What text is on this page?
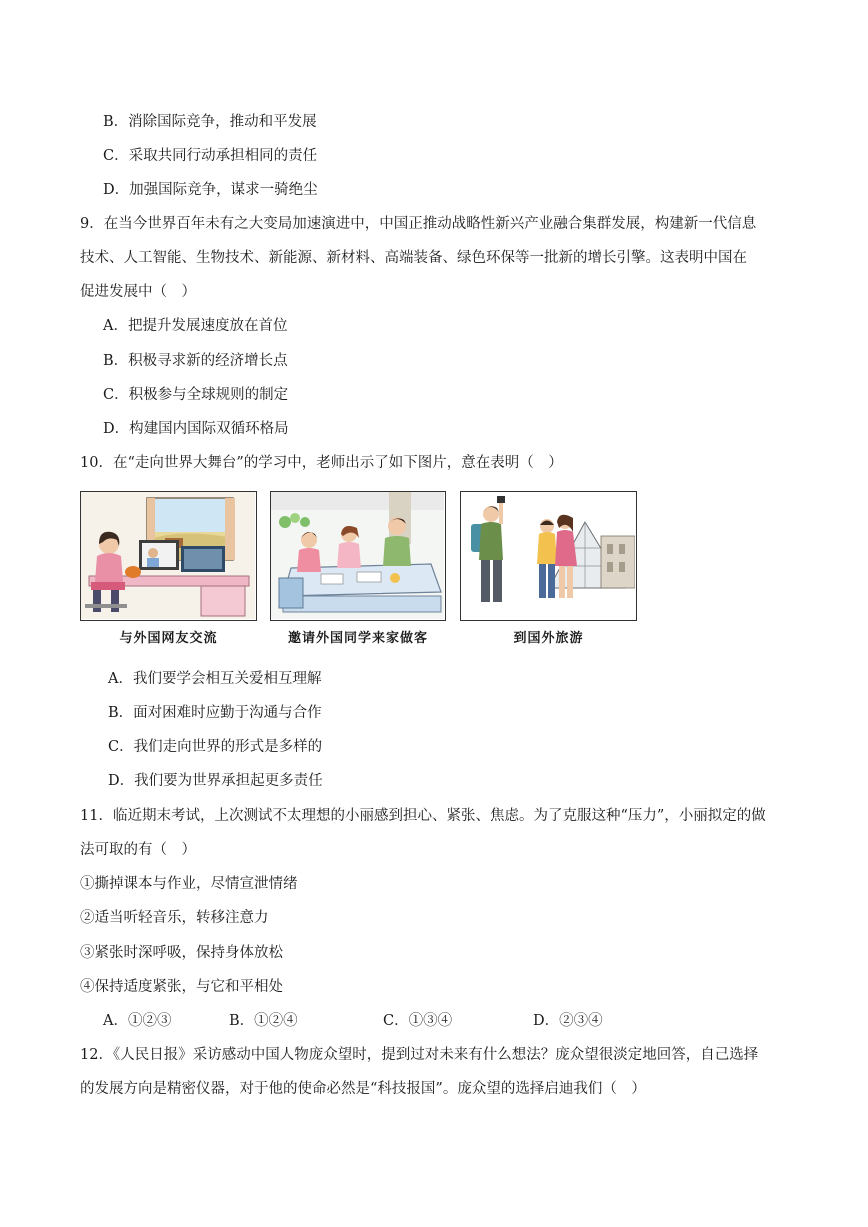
B．消除国际竞争，推动和平发展
C．采取共同行动承担相同的责任
D．加强国际竞争，谋求一骑绝尘
9．在当今世界百年未有之大变局加速演进中，中国正推动战略性新兴产业融合集群发展，构建新一代信息
技术、人工智能、生物技术、新能源、新材料、高端装备、绿色环保等一批新的增长引擎。这表明中国在
促进发展中（　）
A．把提升发展速度放在首位
B．积极寻求新的经济增长点
C．积极参与全球规则的制定
D．构建国内国际双循环格局
10．在“走向世界大舞台”的学习中，老师出示了如下图片，意在表明（　）
与外国网友交流	邀请外国同学来家做客	到国外旅游
A．我们要学会相互关爱相互理解
B．面对困难时应勤于沟通与合作
C．我们走向世界的形式是多样的
D．我们要为世界承担起更多责任
11．临近期末考试，上次测试不太理想的小丽感到担心、紧张、焦虑。为了克服这种“压力”，小丽拟定的做
法可取的有（　）
①撕掉课本与作业，尽情宣泄情绪
②适当听轻音乐，转移注意力
③紧张时深呼吸，保持身体放松
④保持适度紧张，与它和平相处
A．①②③	B．①②④	C．①③④	D．②③④
12．《人民日报》采访感动中国人物庞众望时，提到过对未来有什么想法？庞众望很淡定地回答，自己选择
的发展方向是精密仪器，对于他的使命必然是“科技报国”。庞众望的选择启迪我们（　）
